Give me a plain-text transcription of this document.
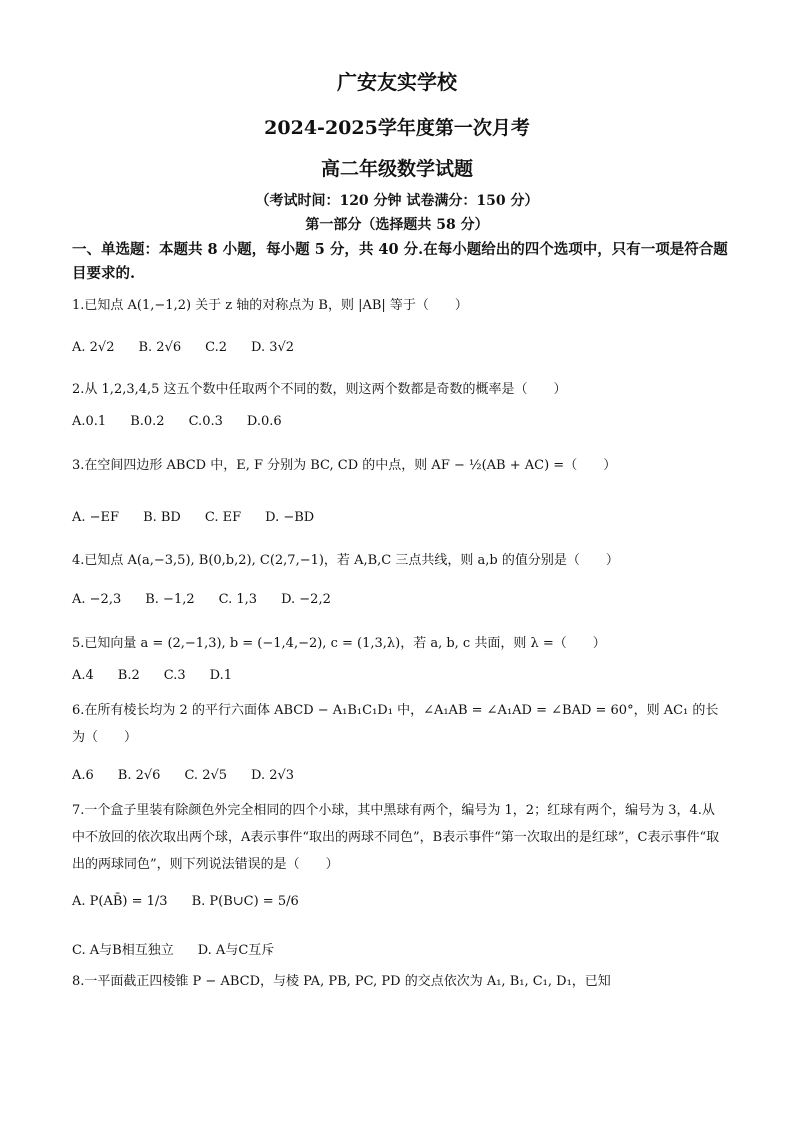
广安友实学校
2024-2025学年度第一次月考
高二年级数学试题
（考试时间：120 分钟 试卷满分：150 分）
第一部分（选择题共 58 分）
一、单选题：本题共 8 小题，每小题 5 分，共 40 分.在每小题给出的四个选项中，只有一项是符合题目要求的.
1.已知点 A(1,−1,2) 关于 z 轴的对称点为 B，则 |AB| 等于（　　）
A. 2√2 B. 2√6 C.2 D. 3√2
2.从 1,2,3,4,5 这五个数中任取两个不同的数，则这两个数都是奇数的概率是（　　）
A.0.1 B.0.2 C.0.3 D.0.6
3.在空间四边形 ABCD 中，E, F 分别为 BC, CD 的中点，则 AF − ½(AB + AC) =（　　）
A. −EF B. BD C. EF D. −BD
4.已知点 A(a,−3,5), B(0,b,2), C(2,7,−1)，若 A,B,C 三点共线，则 a,b 的值分别是（　　）
A. −2,3 B. −1,2 C. 1,3 D. −2,2
5.已知向量 a = (2,−1,3), b = (−1,4,−2), c = (1,3,λ)，若 a, b, c 共面，则 λ =（　　）
A.4 B.2 C.3 D.1
6.在所有棱长均为 2 的平行六面体 ABCD − A₁B₁C₁D₁ 中，∠A₁AB = ∠A₁AD = ∠BAD = 60°，则 AC₁ 的长为（　　）
A.6 B. 2√6 C. 2√5 D. 2√3
7.一个盒子里装有除颜色外完全相同的四个小球，其中黑球有两个，编号为 1，2；红球有两个，编号为 3，4.从中不放回的依次取出两个球，A表示事件“取出的两球不同色”，B表示事件“第一次取出的是红球”，C表示事件“取出的两球同色”，则下列说法错误的是（　　）
A. P(AB̄) = 1/3 B. P(B∪C) = 5/6
C. A与B相互独立 D. A与C互斥
8.一平面截正四棱锥 P − ABCD，与棱 PA, PB, PC, PD 的交点依次为 A₁, B₁, C₁, D₁，已知
